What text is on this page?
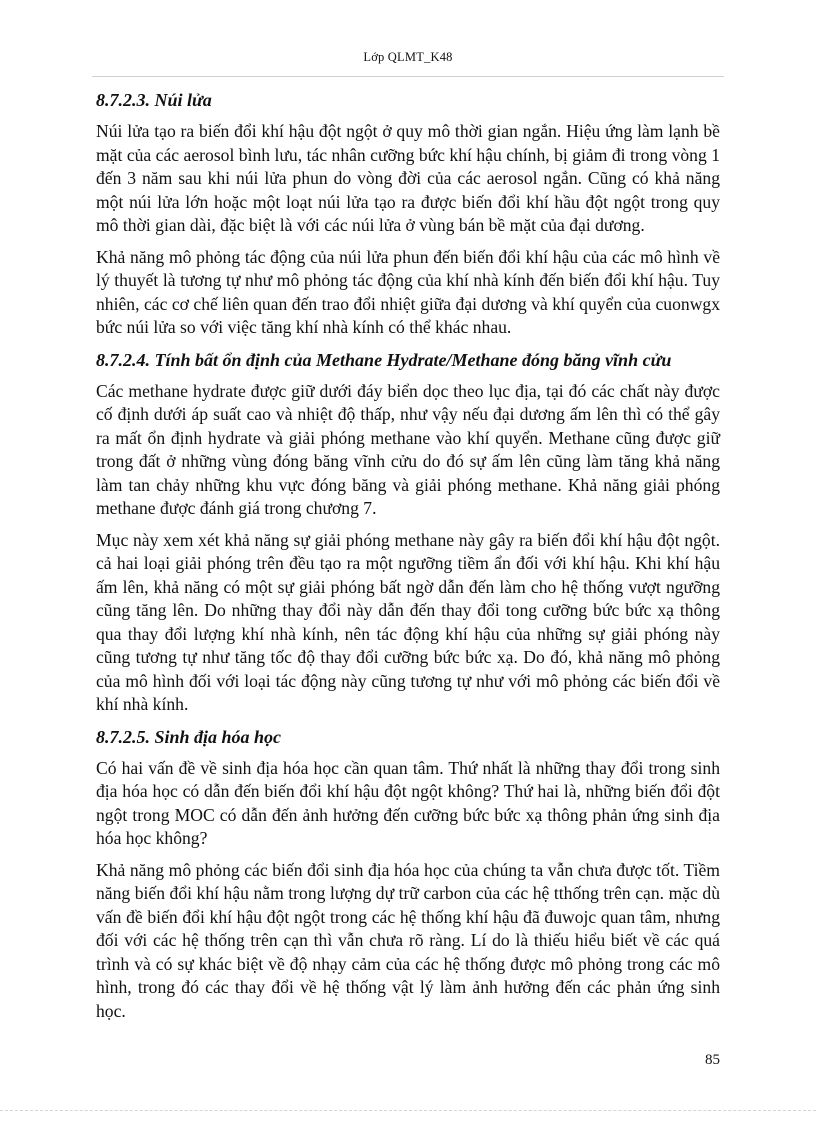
Lớp QLMT_K48
8.7.2.3. Núi lửa

Núi lửa tạo ra biến đổi khí hậu đột ngột ở quy mô thời gian ngắn. Hiệu ứng làm lạnh bề mặt của các aerosol bình lưu, tác nhân cưỡng bức khí hậu chính, bị giảm đi trong vòng 1 đến 3 năm sau khi núi lửa phun do vòng đời của các aerosol ngắn. Cũng có khả năng một núi lửa lớn hoặc một loạt núi lửa tạo ra được biến đổi khí hầu đột ngột trong quy mô thời gian dài, đặc biệt là với các núi lửa ở vùng bán bề mặt của đại dương.

Khả năng mô phỏng tác động của núi lửa phun đến biến đổi khí hậu của các mô hình về lý thuyết là tương tự như mô phỏng tác động của khí nhà kính đến biến đổi khí hậu. Tuy nhiên, các cơ chế liên quan đến trao đổi nhiệt giữa đại dương và khí quyển của cuonwgx bức núi lửa so với việc tăng khí nhà kính có thể khác nhau.

8.7.2.4. Tính bất ổn định của Methane Hydrate/Methane đóng băng vĩnh cửu

Các methane hydrate được giữ dưới đáy biển dọc theo lục địa, tại đó các chất này được cố định dưới áp suất cao và nhiệt độ thấp, như vậy nếu đại dương ấm lên thì có thể gây ra mất ổn định hydrate và giải phóng methane vào khí quyển. Methane cũng được giữ trong đất ở những vùng đóng băng vĩnh cửu do đó sự ấm lên cũng làm tăng khả năng làm tan chảy những khu vực đóng băng và giải phóng methane. Khả năng giải phóng methane được đánh giá trong chương 7.

Mục này xem xét khả năng sự giải phóng methane này gây ra biến đổi khí hậu đột ngột. cả hai loại giải phóng trên đều tạo ra một ngưỡng tiềm ẩn đối với khí hậu. Khi khí hậu ấm lên, khả năng có một sự giải phóng bất ngờ dẫn đến làm cho hệ thống vượt ngưỡng cũng tăng lên. Do những thay đổi này dẫn đến thay đổi tong cưỡng bức bức xạ thông qua thay đổi lượng khí nhà kính, nên tác động khí hậu của những sự giải phóng này cũng tương tự như tăng tốc độ thay đổi cưỡng bức bức xạ. Do đó, khả năng mô phỏng của mô hình đối với loại tác động này cũng tương tự như với mô phỏng các biến đổi về khí nhà kính.

8.7.2.5. Sinh địa hóa học

Có hai vấn đề về sinh địa hóa học cần quan tâm. Thứ nhất là những thay đổi trong sinh địa hóa học có dẫn đến biến đổi khí hậu đột ngột không? Thứ hai là, những biến đổi đột ngột trong MOC có dẫn đến ảnh hưởng đến cưỡng bức bức xạ thông phản ứng sinh địa hóa học không?

Khả năng mô phỏng các biến đổi sinh địa hóa học của chúng ta vẫn chưa được tốt. Tiềm năng biến đổi khí hậu nằm trong lượng dự trữ carbon của các hệ tthống trên cạn. mặc dù vấn đề biến đổi khí hậu đột ngột trong các hệ thống khí hậu đã đuwojc quan tâm, nhưng đối với các hệ thống trên cạn thì vẫn chưa rõ ràng. Lí do là thiếu hiểu biết về các quá trình và có sự khác biệt về độ nhạy cảm của các hệ thống được mô phỏng trong các mô hình, trong đó các thay đổi về hệ thống vật lý làm ảnh hưởng đến các phản ứng sinh học.

85
